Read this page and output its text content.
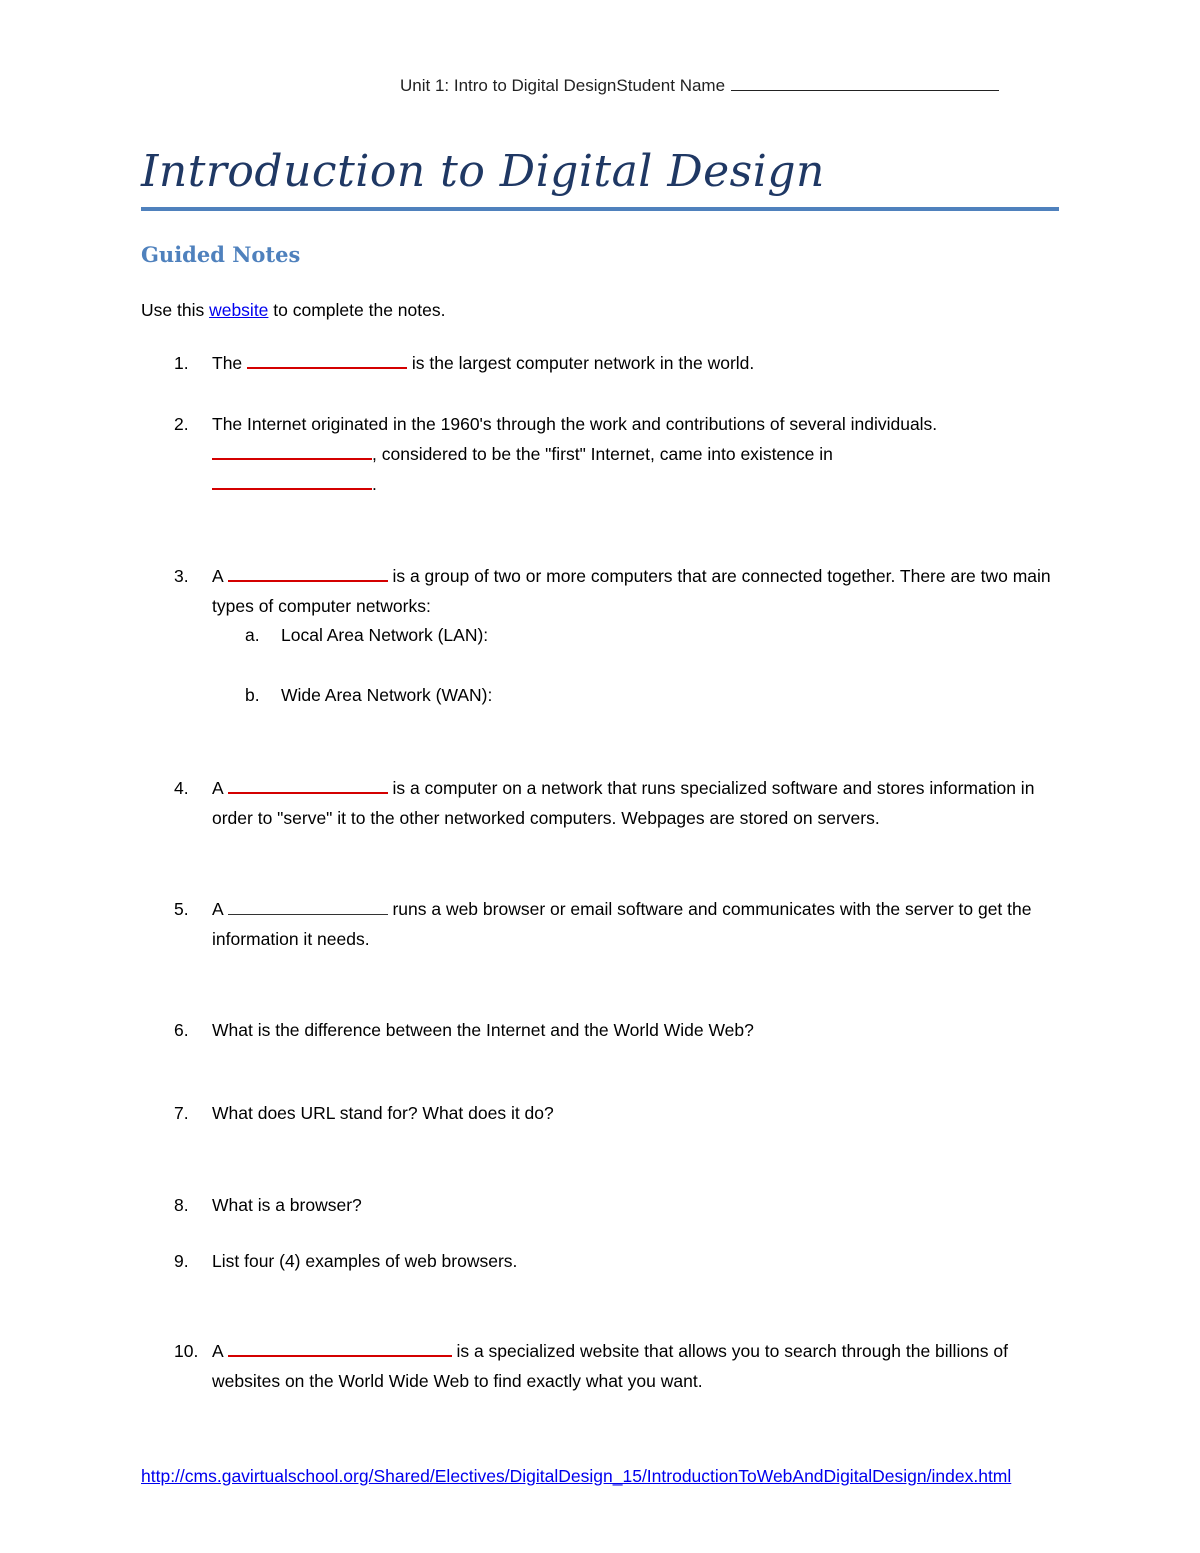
Unit 1: Intro to Digital DesignStudent Name
Introduction to Digital Design
Guided Notes
Use this website to complete the notes.
1. The	is the largest computer network in the world.
2. The Internet originated in the 1960's through the work and contributions of several individuals.
, considered to be the "first" Internet, came into existence in
.
3. A	is a group of two or more computers that are connected together. There are two main types of computer networks:
a. Local Area Network (LAN):
b. Wide Area Network (WAN):
4. A	is a computer on a network that runs specialized software and stores information in order to "serve" it to the other networked computers. Webpages are stored on servers.
5. A	runs a web browser or email software and communicates with the server to get the information it needs.
6. What is the difference between the Internet and the World Wide Web?
7. What does URL stand for? What does it do?
8. What is a browser?
9. List four (4) examples of web browsers.
10. A	is a specialized website that allows you to search through the billions of websites on the World Wide Web to find exactly what you want.
http://cms.gavirtualschool.org/Shared/Electives/DigitalDesign_15/IntroductionToWebAndDigitalDesign/index.html
